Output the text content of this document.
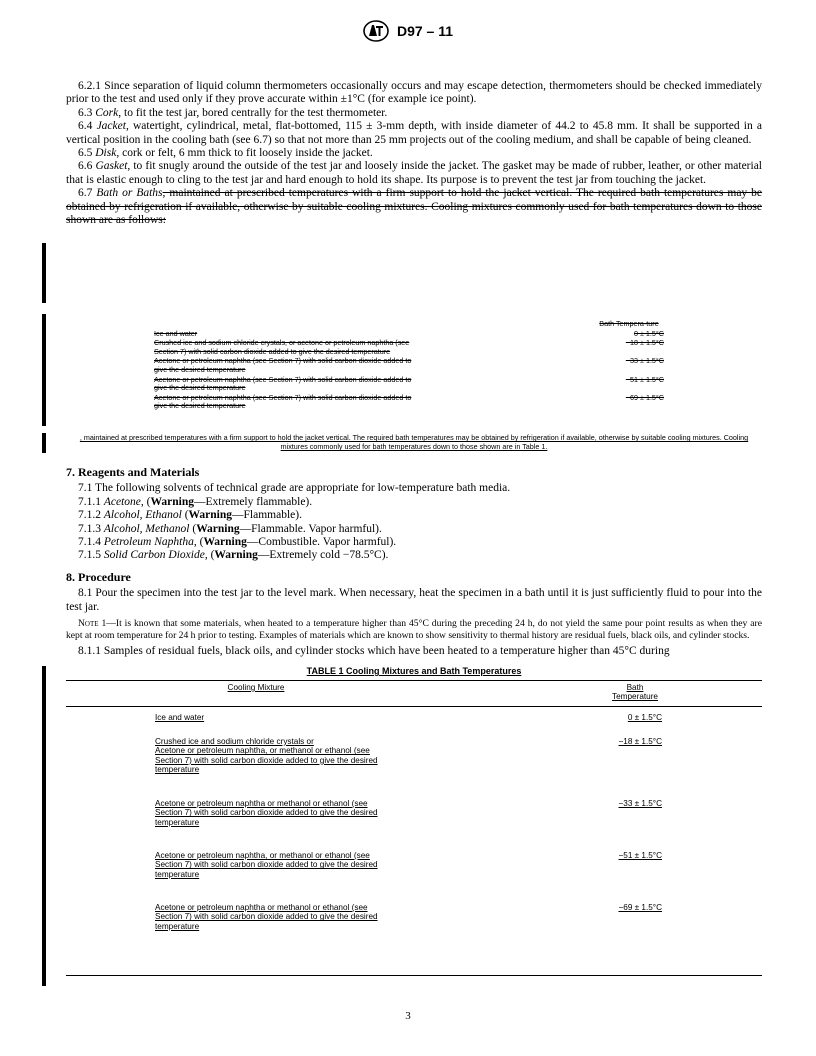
D97 – 11

6.2.1 Since separation of liquid column thermometers occasionally occurs and may escape detection, thermometers should be checked immediately prior to the test and used only if they prove accurate within ±1°C (for example ice point).

6.3 Cork, to fit the test jar, bored centrally for the test thermometer.

6.4 Jacket, watertight, cylindrical, metal, flat-bottomed, 115 ± 3-mm depth, with inside diameter of 44.2 to 45.8 mm. It shall be supported in a vertical position in the cooling bath (see 6.7) so that not more than 25 mm projects out of the cooling medium, and shall be capable of being cleaned.

6.5 Disk, cork or felt, 6 mm thick to fit loosely inside the jacket.

6.6 Gasket, to fit snugly around the outside of the test jar and loosely inside the jacket. The gasket may be made of rubber, leather, or other material that is elastic enough to cling to the test jar and hard enough to hold its shape. Its purpose is to prevent the test jar from touching the jacket.

6.7 Bath or Baths, maintained at prescribed temperatures with a firm support to hold the jacket vertical. The required bath temperatures may be obtained by refrigeration if available, otherwise by suitable cooling mixtures. Cooling mixtures commonly used for bath temperatures down to those shown are as follows:

Bath Tempera-ture
Ice and water	0 ± 1.5°C
Crushed ice and sodium chloride crystals, or acetone or petroleum naphtha (see Section 7) with solid carbon dioxide added to give the desired temperature
−18 ± 1.5°C
Acetone or petroleum naphtha (see Section 7) with solid carbon dioxide added to give the desired temperature
−33 ± 1.5°C
Acetone or petroleum naphtha (see Section 7) with solid carbon dioxide added to give the desired temperature
−51 ± 1.5°C
Acetone or petroleum naphtha (see Section 7) with solid carbon dioxide added to give the desired temperature
−69 ± 1.5°C
, maintained at prescribed temperatures with a firm support to hold the jacket vertical. The required bath temperatures may be obtained by refrigeration if available, otherwise by suitable cooling mixtures. Cooling mixtures commonly used for bath temperatures down to those shown are in Table 1.

7. Reagents and Materials

7.1 The following solvents of technical grade are appropriate for low-temperature bath media.

7.1.1 Acetone, (Warning—Extremely flammable).

7.1.2 Alcohol, Ethanol (Warning—Flammable).

7.1.3 Alcohol, Methanol (Warning—Flammable. Vapor harmful).

7.1.4 Petroleum Naphtha, (Warning—Combustible. Vapor harmful).

7.1.5 Solid Carbon Dioxide, (Warning—Extremely cold −78.5°C).

8. Procedure

8.1 Pour the specimen into the test jar to the level mark. When necessary, heat the specimen in a bath until it is just sufficiently fluid to pour into the test jar.

Note 1—It is known that some materials, when heated to a temperature higher than 45°C during the preceding 24 h, do not yield the same pour point results as when they are kept at room temperature for 24 h prior to testing. Examples of materials which are known to show sensitivity to thermal history are residual fuels, black oils, and cylinder stocks.

8.1.1 Samples of residual fuels, black oils, and cylinder stocks which have been heated to a temperature higher than 45°C during

TABLE 1 Cooling Mixtures and Bath Temperatures
Cooling Mixture	Bath
Temperature
Ice and water	0 ± 1.5°C
Crushed ice and sodium chloride crystals or
Acetone or petroleum naphtha, or methanol or ethanol (see
Section 7) with solid carbon dioxide added to give the desired
temperature
−18 ± 1.5°C
Acetone or petroleum naphtha or methanol or ethanol (see
Section 7) with solid carbon dioxide added to give the desired
temperature
−33 ± 1.5°C
Acetone or petroleum naphtha, or methanol or ethanol (see
Section 7) with solid carbon dioxide added to give the desired
temperature
−51 ± 1.5°C
Acetone or petroleum naphtha or methanol or ethanol (see
Section 7) with solid carbon dioxide added to give the desired
temperature
−69 ± 1.5°C
3
